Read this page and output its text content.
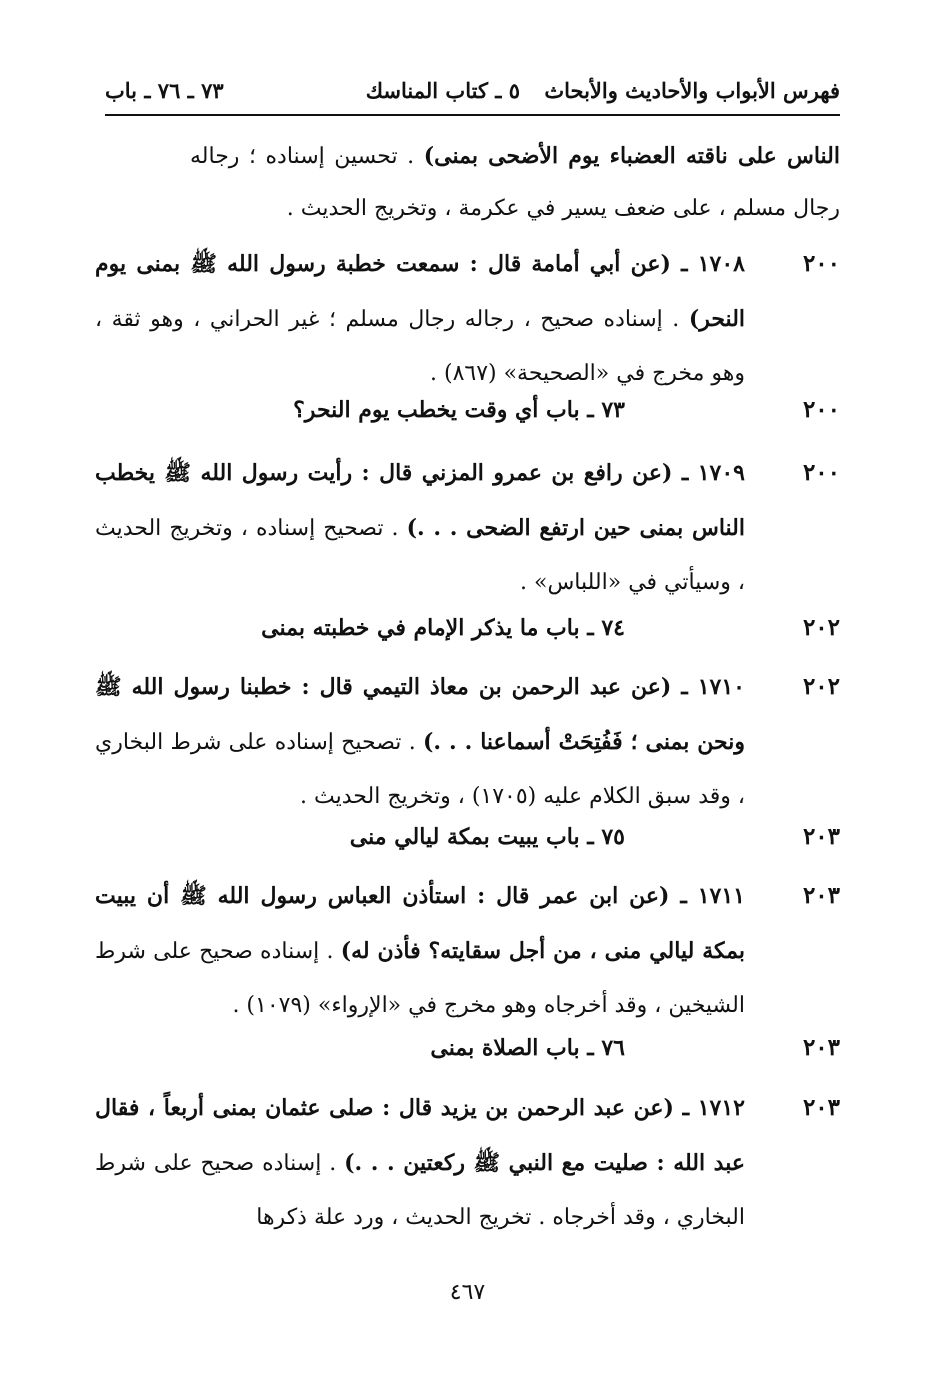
فهرس الأبواب والأحاديث والأبحاث
٥ ـ كتاب المناسك
٧٣ ـ ٧٦ ـ باب
الناس على ناقته العضباء يوم الأضحى بمنى) . تحسين إسناده ؛ رجاله رجال مسلم ، على ضعف يسير في عكرمة ، وتخريج الحديث .
٢٠٠
١٧٠٨ ـ (عن أبي أمامة قال : سمعت خطبة رسول الله ﷺ بمنى يوم النحر) . إسناده صحيح ، رجاله رجال مسلم ؛ غير الحراني ، وهو ثقة ، وهو مخرج في «الصحيحة» (٨٦٧) .
٢٠٠
٧٣ ـ باب أي وقت يخطب يوم النحر؟
٢٠٠
١٧٠٩ ـ (عن رافع بن عمرو المزني قال : رأيت رسول الله ﷺ يخطب الناس بمنى حين ارتفع الضحى . . .) . تصحيح إسناده ، وتخريج الحديث ، وسيأتي في «اللباس» .
٢٠٢
٧٤ ـ باب ما يذكر الإمام في خطبته بمنى
٢٠٢
١٧١٠ ـ (عن عبد الرحمن بن معاذ التيمي قال : خطبنا رسول الله ﷺ ونحن بمنى ؛ فَفُتِحَتْ أسماعنا . . .) . تصحيح إسناده على شرط البخاري ، وقد سبق الكلام عليه (١٧٠٥) ، وتخريج الحديث .
٢٠٣
٧٥ ـ باب يبيت بمكة ليالي منى
٢٠٣
١٧١١ ـ (عن ابن عمر قال : استأذن العباس رسول الله ﷺ أن يبيت بمكة ليالي منى ، من أجل سقايته؟ فأذن له) . إسناده صحيح على شرط الشيخين ، وقد أخرجاه وهو مخرج في «الإرواء» (١٠٧٩) .
٢٠٣
٧٦ ـ باب الصلاة بمنى
٢٠٣
١٧١٢ ـ (عن عبد الرحمن بن يزيد قال : صلى عثمان بمنى أربعاً ، فقال عبد الله : صليت مع النبي ﷺ ركعتين . . .) . إسناده صحيح على شرط البخاري ، وقد أخرجاه . تخريج الحديث ، ورد علة ذكرها
٤٦٧
